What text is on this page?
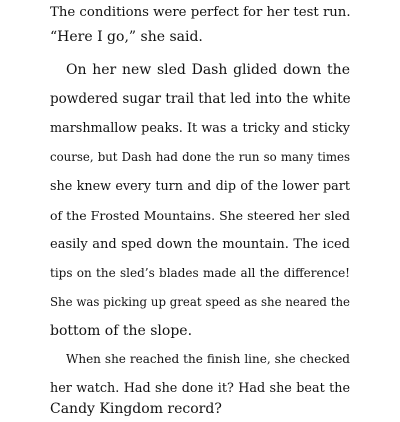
The conditions were perfect for her test run.
“Here I go,” she said.
On her new sled Dash glided down the
powdered sugar trail that led into the white
marshmallow peaks. It was a tricky and sticky
course, but Dash had done the run so many times
she knew every turn and dip of the lower part
of the Frosted Mountains. She steered her sled
easily and sped down the mountain. The iced
tips on the sled’s blades made all the difference!
She was picking up great speed as she neared the
bottom of the slope.
When she reached the finish line, she checked
her watch. Had she done it? Had she beat the
Candy Kingdom record?
